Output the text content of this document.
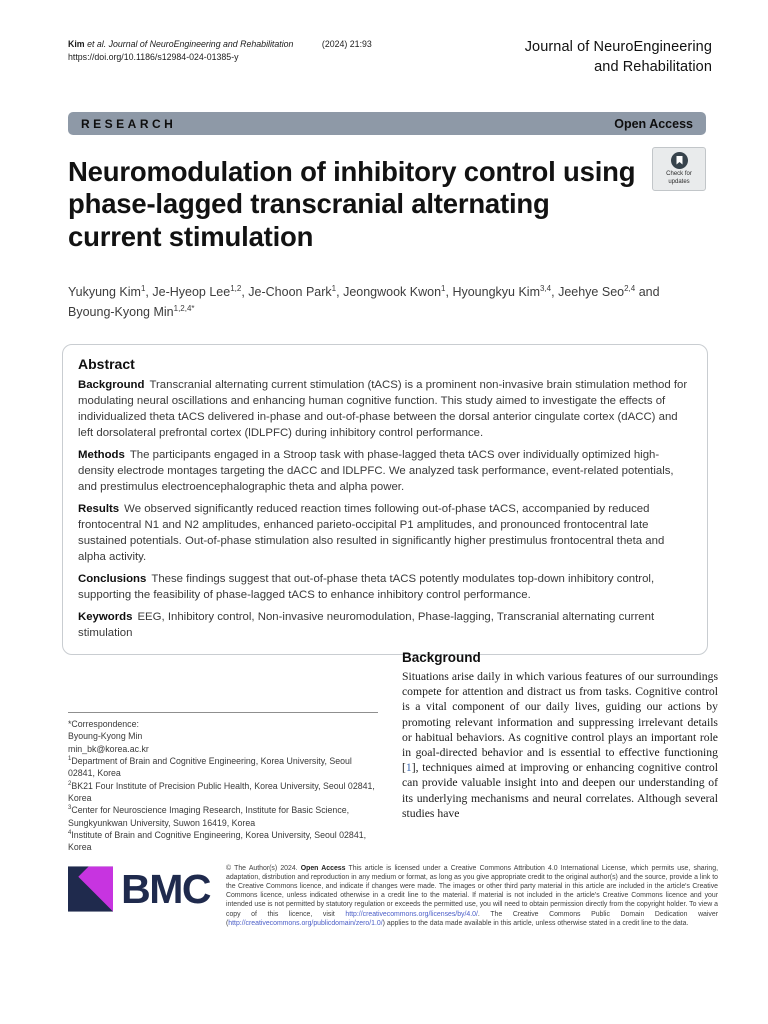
Kim et al. Journal of NeuroEngineering and Rehabilitation	(2024) 21:93
https://doi.org/10.1186/s12984-024-01385-y
Journal of NeuroEngineering
and Rehabilitation
RESEARCH	Open Access
Check for
updates
Neuromodulation of inhibitory control using phase-lagged transcranial alternating current stimulation
Yukyung Kim$^1$, Je-Hyeop Lee$^{1,2}$, Je-Choon Park$^1$, Jeongwook Kwon$^1$, Hyoungkyu Kim$^{3,4}$, Jeehye Seo$^{2,4}$ and Byoung-Kyong Min$^{1,2,4*}$
Abstract

Background Transcranial alternating current stimulation (tACS) is a prominent non-invasive brain stimulation method for modulating neural oscillations and enhancing human cognitive function. This study aimed to investigate the effects of individualized theta tACS delivered in-phase and out-of-phase between the dorsal anterior cingulate cortex (dACC) and left dorsolateral prefrontal cortex (lDLPFC) during inhibitory control performance.

Methods The participants engaged in a Stroop task with phase-lagged theta tACS over individually optimized high-density electrode montages targeting the dACC and lDLPFC. We analyzed task performance, event-related potentials, and prestimulus electroencephalographic theta and alpha power.

Results We observed significantly reduced reaction times following out-of-phase tACS, accompanied by reduced frontocentral N1 and N2 amplitudes, enhanced parieto-occipital P1 amplitudes, and pronounced frontocentral late sustained potentials. Out-of-phase stimulation also resulted in significantly higher prestimulus frontocentral theta and alpha activity.

Conclusions These findings suggest that out-of-phase theta tACS potently modulates top-down inhibitory control, supporting the feasibility of phase-lagged tACS to enhance inhibitory control performance.

Keywords EEG, Inhibitory control, Non-invasive neuromodulation, Phase-lagging, Transcranial alternating current stimulation

*Correspondence:
Byoung-Kyong Min
min_bk@korea.ac.kr
$^1$Department of Brain and Cognitive Engineering, Korea University, Seoul 02841, Korea
$^2$BK21 Four Institute of Precision Public Health, Korea University, Seoul 02841, Korea
$^3$Center for Neuroscience Imaging Research, Institute for Basic Science, Sungkyunkwan University, Suwon 16419, Korea
$^4$Institute of Brain and Cognitive Engineering, Korea University, Seoul 02841, Korea
Background
Situations arise daily in which various features of our surroundings compete for attention and distract us from tasks. Cognitive control is a vital component of our daily lives, guiding our actions by promoting relevant information and suppressing irrelevant details or habitual behaviors. As cognitive control plays an important role in goal-directed behavior and is essential to effective functioning [1], techniques aimed at improving or enhancing cognitive control can provide valuable insight into and deepen our understanding of its underlying mechanisms and neural correlates. Although several studies have
BMC © The Author(s) 2024. Open Access This article is licensed under a Creative Commons Attribution 4.0 International License, which permits use, sharing, adaptation, distribution and reproduction in any medium or format, as long as you give appropriate credit to the original author(s) and the source, provide a link to the Creative Commons licence, and indicate if changes were made. The images or other third party material in this article are included in the article's Creative Commons licence, unless indicated otherwise in a credit line to the material. If material is not included in the article's Creative Commons licence and your intended use is not permitted by statutory regulation or exceeds the permitted use, you will need to obtain permission directly from the copyright holder. To view a copy of this licence, visit http://creativecommons.org/licenses/by/4.0/. The Creative Commons Public Domain Dedication waiver (http://creativecommons.org/publicdomain/zero/1.0/) applies to the data made available in this article, unless otherwise stated in a credit line to the data.
